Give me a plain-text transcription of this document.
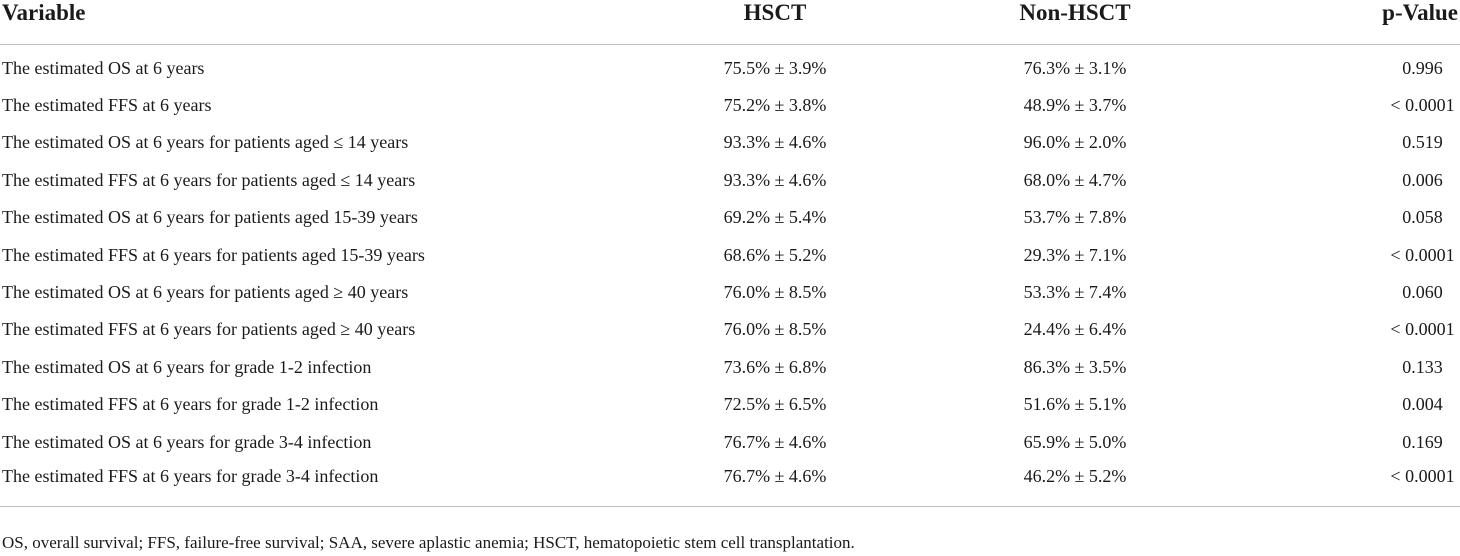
Variable	HSCT	Non-HSCT	p-Value
The estimated OS at 6 years	75.5% ± 3.9%	76.3% ± 3.1%	0.996
The estimated FFS at 6 years	75.2% ± 3.8%	48.9% ± 3.7%	< 0.0001
The estimated OS at 6 years for patients aged ≤ 14 years	93.3% ± 4.6%	96.0% ± 2.0%	0.519
The estimated FFS at 6 years for patients aged ≤ 14 years	93.3% ± 4.6%	68.0% ± 4.7%	0.006
The estimated OS at 6 years for patients aged 15-39 years	69.2% ± 5.4%	53.7% ± 7.8%	0.058
The estimated FFS at 6 years for patients aged 15-39 years	68.6% ± 5.2%	29.3% ± 7.1%	< 0.0001
The estimated OS at 6 years for patients aged ≥ 40 years	76.0% ± 8.5%	53.3% ± 7.4%	0.060
The estimated FFS at 6 years for patients aged ≥ 40 years	76.0% ± 8.5%	24.4% ± 6.4%	< 0.0001
The estimated OS at 6 years for grade 1-2 infection	73.6% ± 6.8%	86.3% ± 3.5%	0.133
The estimated FFS at 6 years for grade 1-2 infection	72.5% ± 6.5%	51.6% ± 5.1%	0.004
The estimated OS at 6 years for grade 3-4 infection	76.7% ± 4.6%	65.9% ± 5.0%	0.169
The estimated FFS at 6 years for grade 3-4 infection	76.7% ± 4.6%	46.2% ± 5.2%	< 0.0001
OS, overall survival; FFS, failure-free survival; SAA, severe aplastic anemia; HSCT, hematopoietic stem cell transplantation.
